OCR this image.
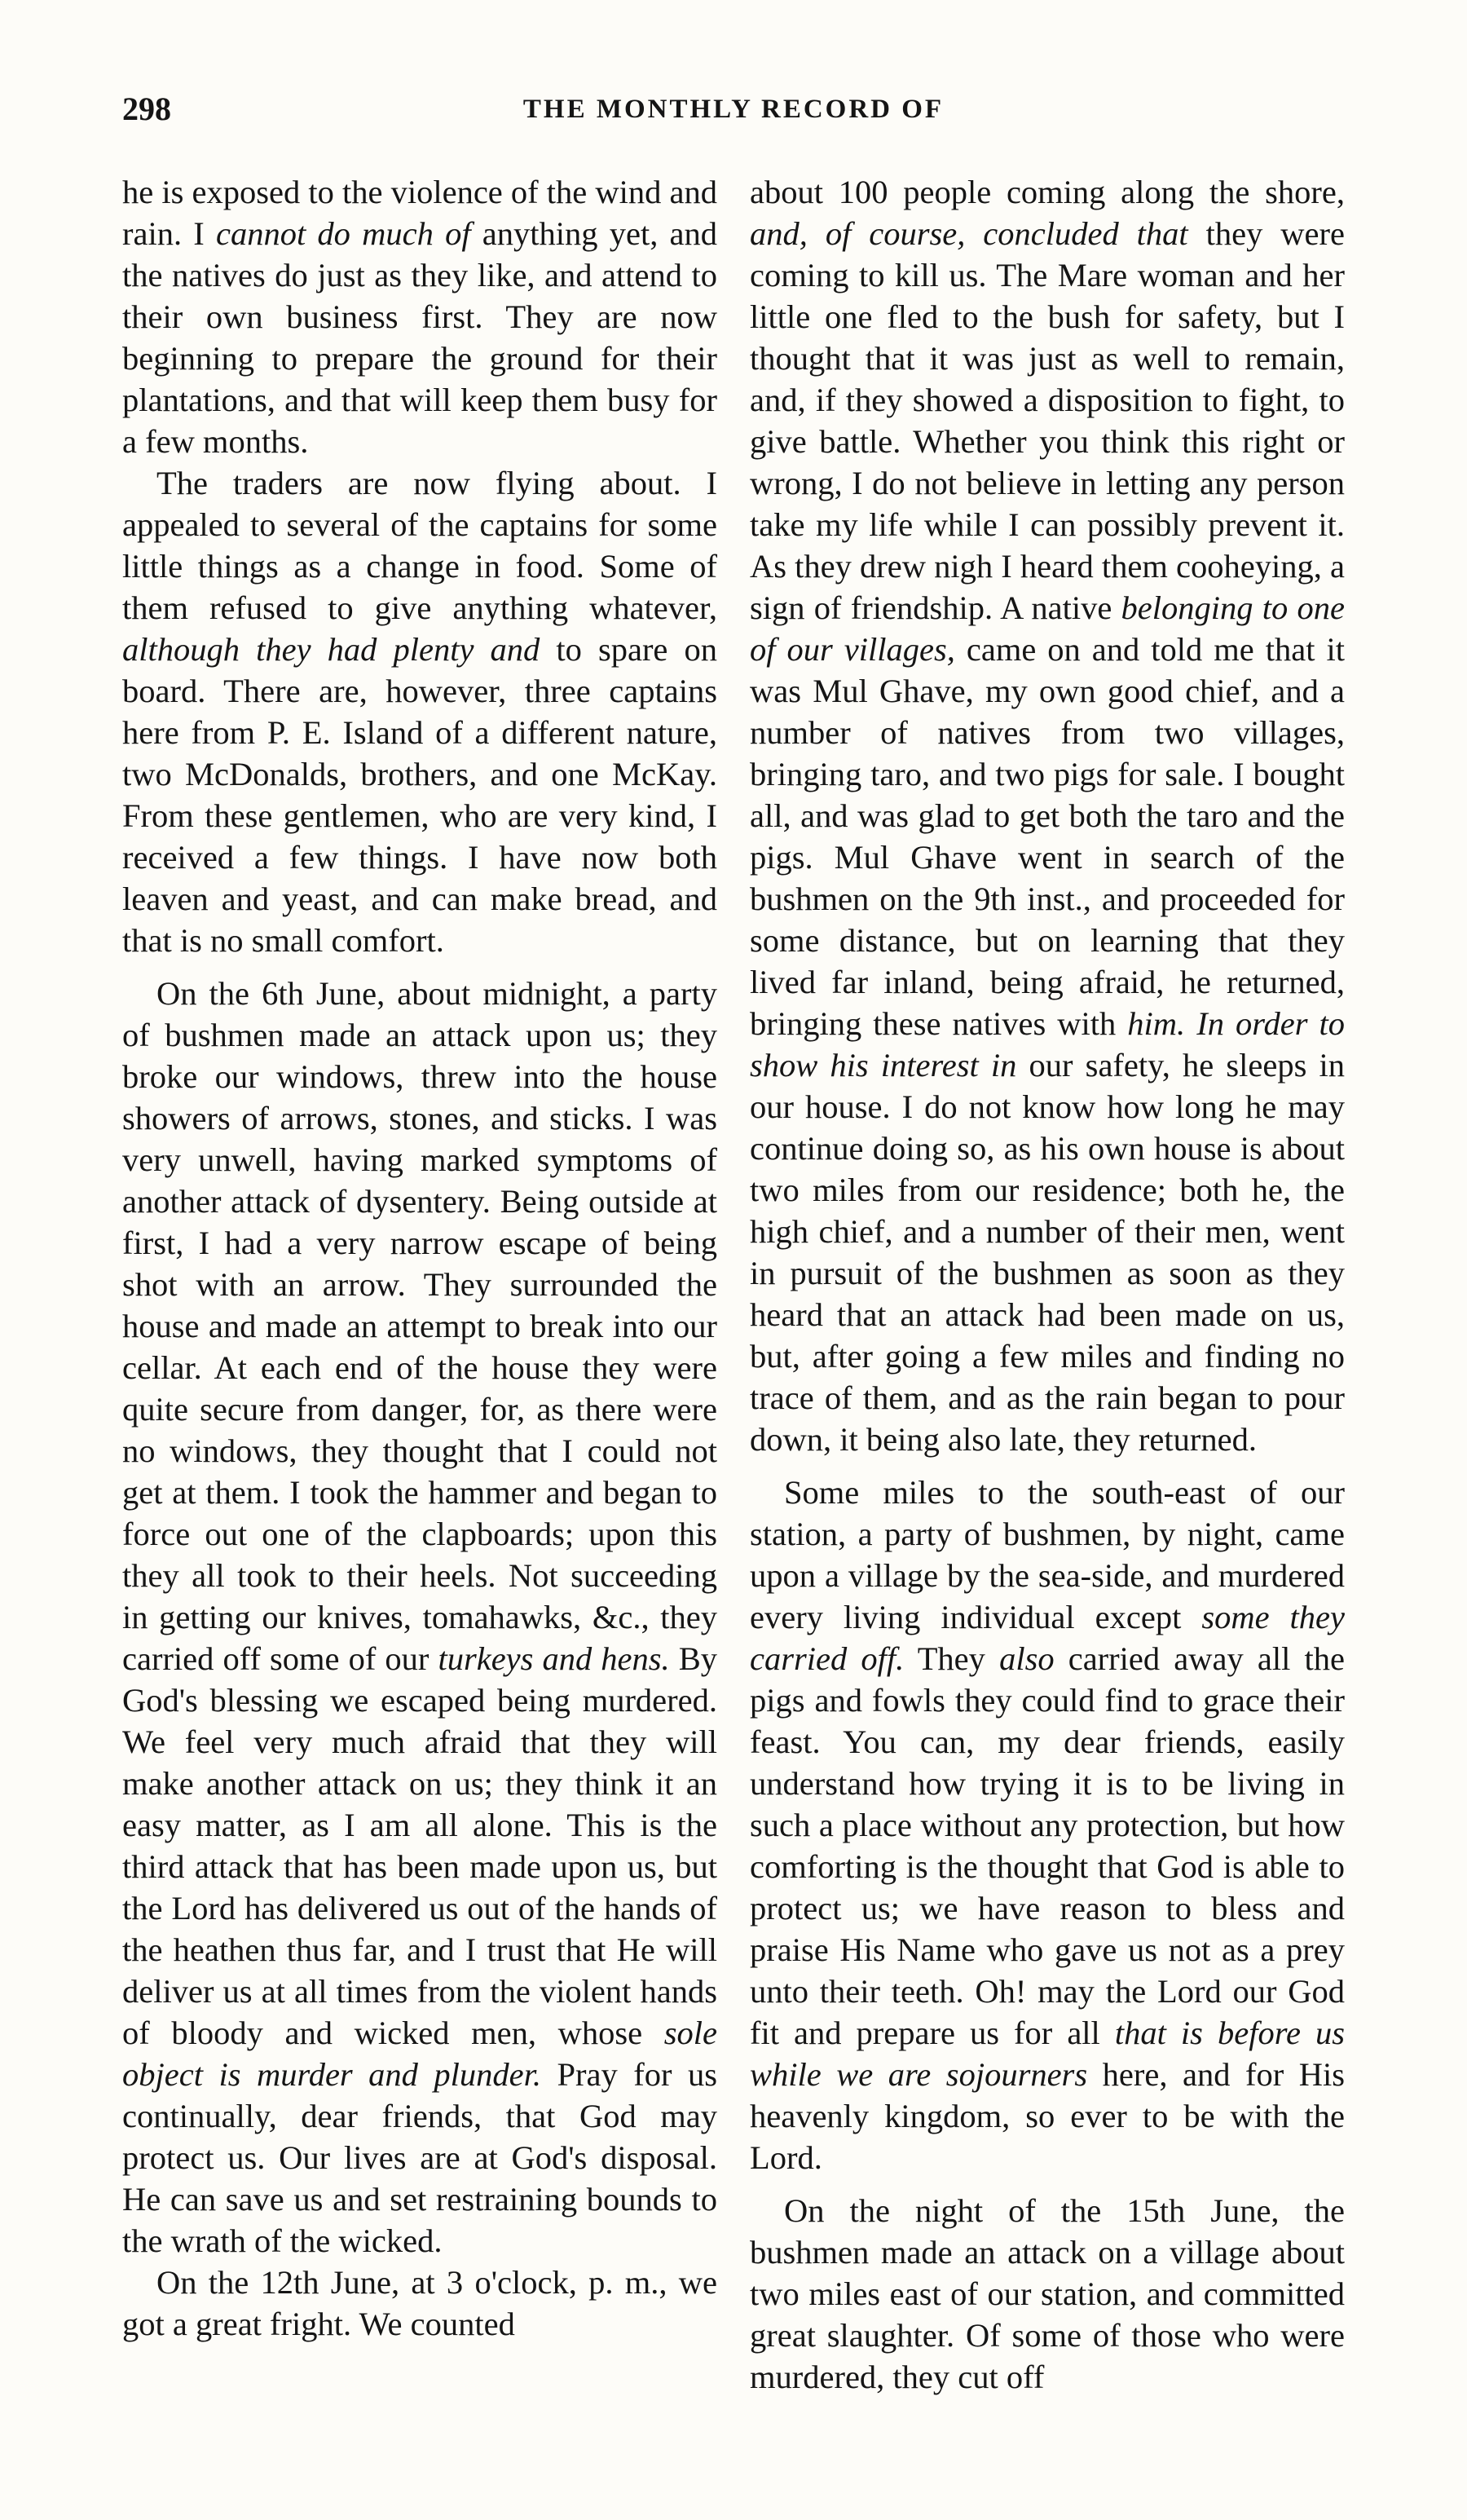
298	THE MONTHLY RECORD OF

he is exposed to the violence of the wind and rain. I cannot do much of anything yet, and the natives do just as they like, and attend to their own business first. They are now beginning to prepare the ground for their plantations, and that will keep them busy for a few months.

The traders are now flying about. I appealed to several of the captains for some little things as a change in food. Some of them refused to give anything whatever, although they had plenty and to spare on board. There are, however, three captains here from P. E. Island of a different nature, two McDonalds, brothers, and one McKay. From these gentlemen, who are very kind, I received a few things. I have now both leaven and yeast, and can make bread, and that is no small comfort.

On the 6th June, about midnight, a party of bushmen made an attack upon us; they broke our windows, threw into the house showers of arrows, stones, and sticks. I was very unwell, having marked symptoms of another attack of dysentery. Being outside at first, I had a very narrow escape of being shot with an arrow. They surrounded the house and made an attempt to break into our cellar. At each end of the house they were quite secure from danger, for, as there were no windows, they thought that I could not get at them. I took the hammer and began to force out one of the clapboards; upon this they all took to their heels. Not succeeding in getting our knives, tomahawks, &c., they carried off some of our turkeys and hens. By God's blessing we escaped being murdered. We feel very much afraid that they will make another attack on us; they think it an easy matter, as I am all alone. This is the third attack that has been made upon us, but the Lord has delivered us out of the hands of the heathen thus far, and I trust that He will deliver us at all times from the violent hands of bloody and wicked men, whose sole object is murder and plunder. Pray for us continually, dear friends, that God may protect us. Our lives are at God's disposal. He can save us and set restraining bounds to the wrath of the wicked.

On the 12th June, at 3 o'clock, p. m., we got a great fright. We counted

about 100 people coming along the shore, and, of course, concluded that they were coming to kill us. The Mare woman and her little one fled to the bush for safety, but I thought that it was just as well to remain, and, if they showed a disposition to fight, to give battle. Whether you think this right or wrong, I do not believe in letting any person take my life while I can possibly prevent it. As they drew nigh I heard them cooheying, a sign of friendship. A native belonging to one of our villages, came on and told me that it was Mul Ghave, my own good chief, and a number of natives from two villages, bringing taro, and two pigs for sale. I bought all, and was glad to get both the taro and the pigs. Mul Ghave went in search of the bushmen on the 9th inst., and proceeded for some distance, but on learning that they lived far inland, being afraid, he returned, bringing these natives with him. In order to show his interest in our safety, he sleeps in our house. I do not know how long he may continue doing so, as his own house is about two miles from our residence; both he, the high chief, and a number of their men, went in pursuit of the bushmen as soon as they heard that an attack had been made on us, but, after going a few miles and finding no trace of them, and as the rain began to pour down, it being also late, they returned.

Some miles to the south-east of our station, a party of bushmen, by night, came upon a village by the sea-side, and murdered every living individual except some they carried off. They also carried away all the pigs and fowls they could find to grace their feast. You can, my dear friends, easily understand how trying it is to be living in such a place without any protection, but how comforting is the thought that God is able to protect us; we have reason to bless and praise His Name who gave us not as a prey unto their teeth. Oh! may the Lord our God fit and prepare us for all that is before us while we are sojourners here, and for His heavenly kingdom, so ever to be with the Lord.

On the night of the 15th June, the bushmen made an attack on a village about two miles east of our station, and committed great slaughter. Of some of those who were murdered, they cut off
